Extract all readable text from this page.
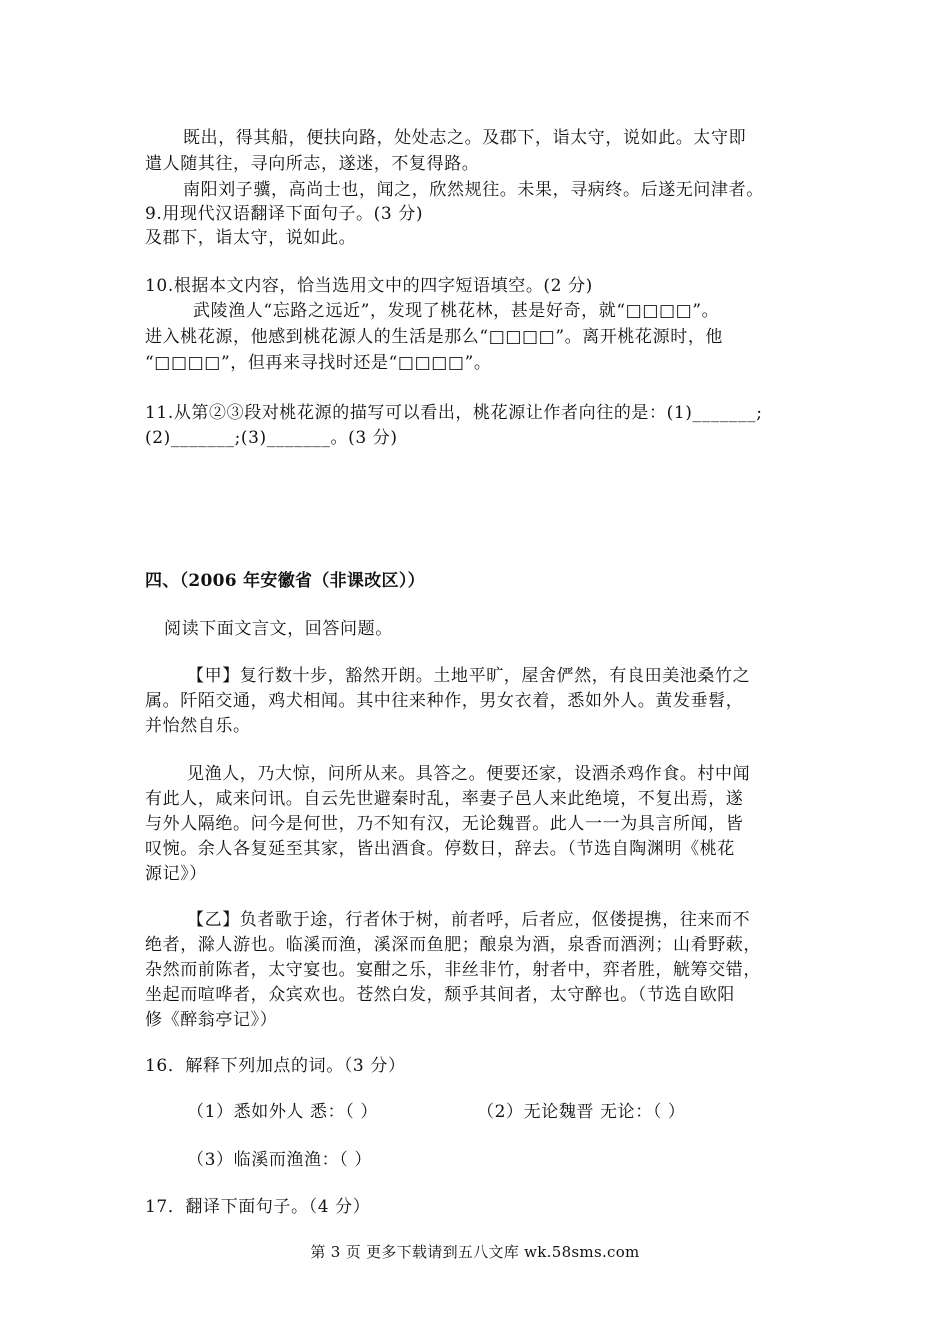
既出，得其船，便扶向路，处处志之。及郡下，诣太守，说如此。太守即
遣人随其往，寻向所志，遂迷，不复得路。
南阳刘子骥，高尚士也，闻之，欣然规往。未果，寻病终。后遂无问津者。
9.用现代汉语翻译下面句子。(3 分)
及郡下，诣太守，说如此。
10.根据本文内容，恰当选用文中的四字短语填空。(2 分)
武陵渔人“忘路之远近”，发现了桃花林，甚是好奇，就“□□□□”。
进入桃花源，他感到桃花源人的生活是那么“□□□□”。离开桃花源时，他
“□□□□”，但再来寻找时还是“□□□□”。
11.从第②③段对桃花源的描写可以看出，桃花源让作者向往的是：(1)_______;
(2)_______;(3)_______。(3 分)
四、（2006 年安徽省（非课改区））
阅读下面文言文，回答问题。
【甲】复行数十步，豁然开朗。土地平旷，屋舍俨然，有良田美池桑竹之
属。阡陌交通，鸡犬相闻。其中往来种作，男女衣着，悉如外人。黄发垂髫，
并怡然自乐。
见渔人，乃大惊，问所从来。具答之。便要还家，设酒杀鸡作食。村中闻
有此人，咸来问讯。自云先世避秦时乱，率妻子邑人来此绝境，不复出焉，遂
与外人隔绝。问今是何世，乃不知有汉，无论魏晋。此人一一为具言所闻，皆
叹惋。余人各复延至其家，皆出酒食。停数日，辞去。（节选自陶渊明《桃花
源记》）
【乙】负者歌于途，行者休于树，前者呼，后者应，伛偻提携，往来而不
绝者，滁人游也。临溪而渔，溪深而鱼肥；酿泉为酒，泉香而酒洌；山肴野蔌，
杂然而前陈者，太守宴也。宴酣之乐，非丝非竹，射者中，弈者胜，觥筹交错，
坐起而喧哗者，众宾欢也。苍然白发，颓乎其间者，太守醉也。（节选自欧阳
修《醉翁亭记》）
16．解释下列加点的词。（3 分）
（1）悉如外人 悉：（ ）	（2）无论魏晋 无论：（ ）
（3）临溪而渔渔：（ ）
17．翻译下面句子。（4 分）
第 3 页 更多下载请到五八文库 wk.58sms.com
